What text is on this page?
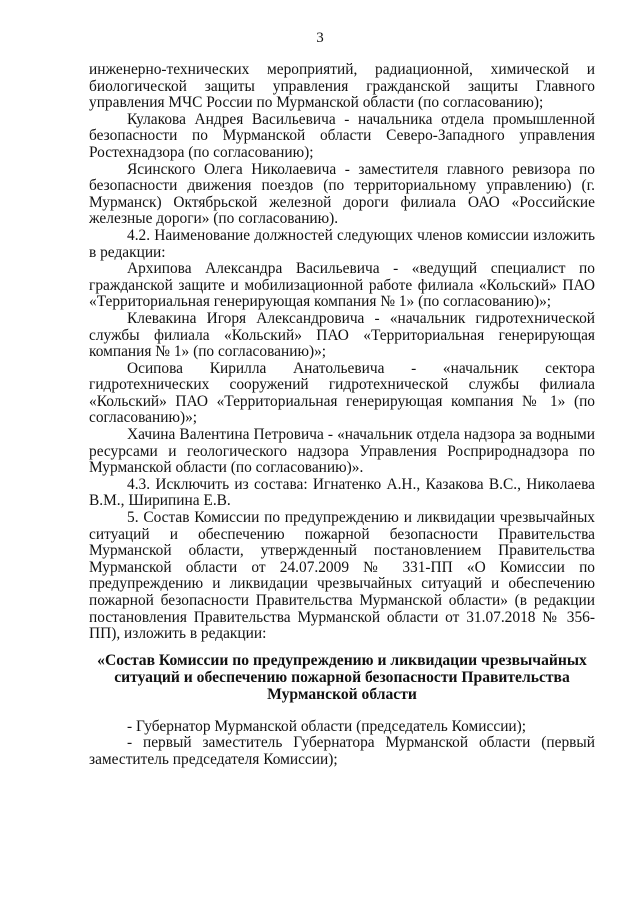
3

инженерно-технических мероприятий, радиационной, химической и биологической защиты управления гражданской защиты Главного управления МЧС России по Мурманской области (по согласованию);

Кулакова Андрея Васильевича - начальника отдела промышленной безопасности по Мурманской области Северо-Западного управления Ростехнадзора (по согласованию);

Ясинского Олега Николаевича - заместителя главного ревизора по безопасности движения поездов (по территориальному управлению) (г. Мурманск) Октябрьской железной дороги филиала ОАО «Российские железные дороги» (по согласованию).

4.2. Наименование должностей следующих членов комиссии изложить в редакции:

Архипова Александра Васильевича - «ведущий специалист по гражданской защите и мобилизационной работе филиала «Кольский» ПАО «Территориальная генерирующая компания № 1» (по согласованию)»;

Клевакина Игоря Александровича - «начальник гидротехнической службы филиала «Кольский» ПАО «Территориальная генерирующая компания № 1» (по согласованию)»;

Осипова Кирилла Анатольевича - «начальник сектора гидротехнических сооружений гидротехнической службы филиала «Кольский» ПАО «Территориальная генерирующая компания № 1» (по согласованию)»;

Хачина Валентина Петровича - «начальник отдела надзора за водными ресурсами и геологического надзора Управления Росприроднадзора по Мурманской области (по согласованию)».

4.3. Исключить из состава: Игнатенко А.Н., Казакова В.С., Николаева В.М., Ширипина Е.В.

5. Состав Комиссии по предупреждению и ликвидации чрезвычайных ситуаций и обеспечению пожарной безопасности Правительства Мурманской области, утвержденный постановлением Правительства Мурманской области от 24.07.2009 № 331-ПП «О Комиссии по предупреждению и ликвидации чрезвычайных ситуаций и обеспечению пожарной безопасности Правительства Мурманской области» (в редакции постановления Правительства Мурманской области от 31.07.2018 № 356-ПП), изложить в редакции:

«Состав Комиссии по предупреждению и ликвидации чрезвычайных ситуаций и обеспечению пожарной безопасности Правительства Мурманской области

- Губернатор Мурманской области (председатель Комиссии);

- первый заместитель Губернатора Мурманской области (первый заместитель председателя Комиссии);
